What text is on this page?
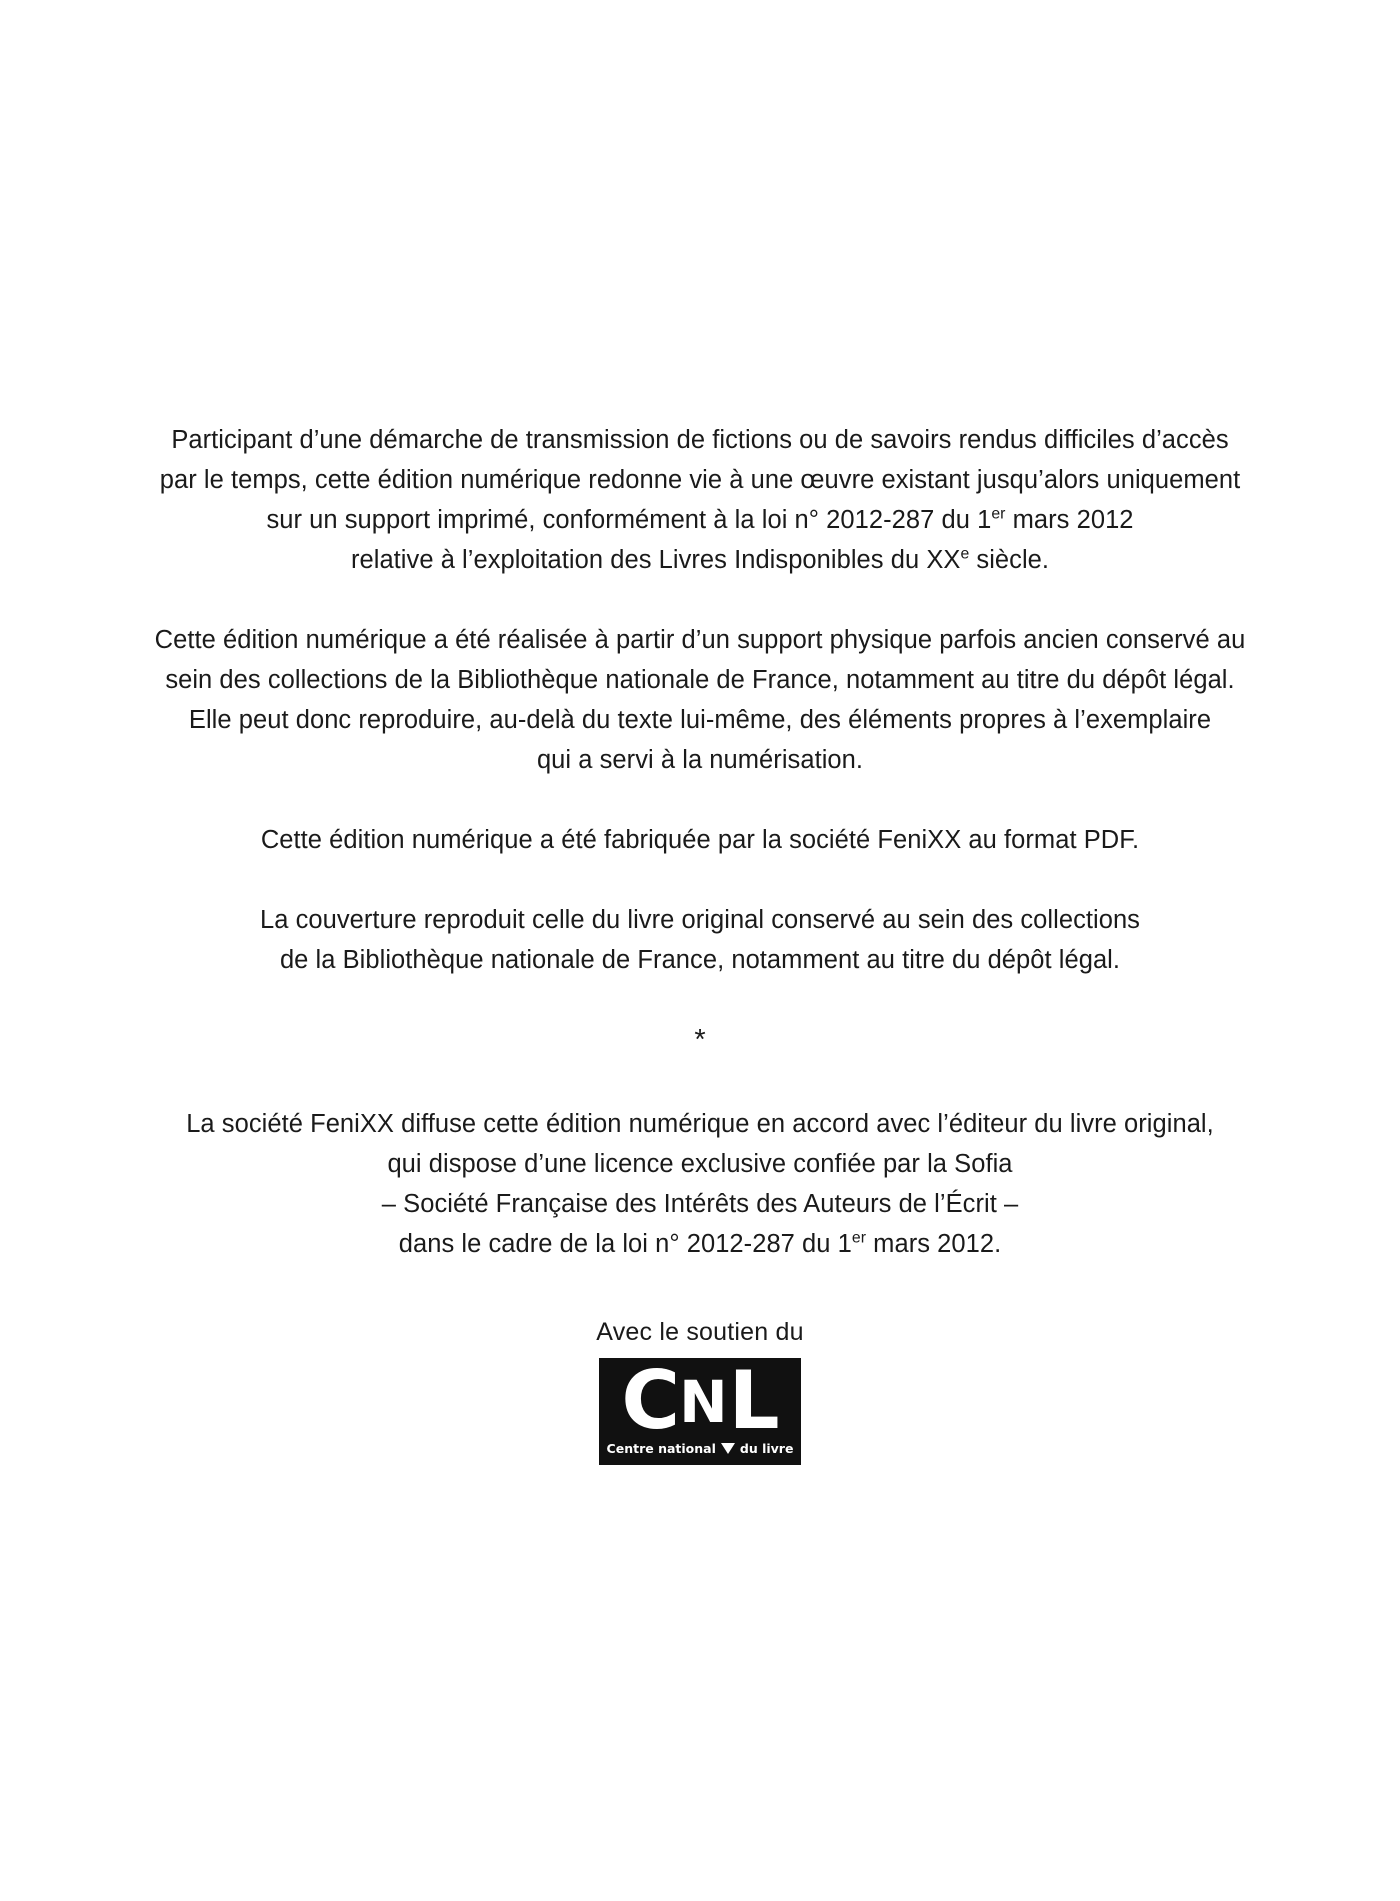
Participant d’une démarche de transmission de fictions ou de savoirs rendus difficiles d’accès
par le temps, cette édition numérique redonne vie à une œuvre existant jusqu’alors uniquement
sur un support imprimé, conformément à la loi n° 2012-287 du 1er mars 2012
relative à l’exploitation des Livres Indisponibles du XXe siècle.
Cette édition numérique a été réalisée à partir d’un support physique parfois ancien conservé au
sein des collections de la Bibliothèque nationale de France, notamment au titre du dépôt légal.
Elle peut donc reproduire, au-delà du texte lui-même, des éléments propres à l’exemplaire
qui a servi à la numérisation.
Cette édition numérique a été fabriquée par la société FeniXX au format PDF.
La couverture reproduit celle du livre original conservé au sein des collections
de la Bibliothèque nationale de France, notamment au titre du dépôt légal.
*
La société FeniXX diffuse cette édition numérique en accord avec l’éditeur du livre original,
qui dispose d’une licence exclusive confiée par la Sofia
– Société Française des Intérêts des Auteurs de l’Écrit –
dans le cadre de la loi n° 2012-287 du 1er mars 2012.
Avec le soutien du
C N L
Centre national du livre
